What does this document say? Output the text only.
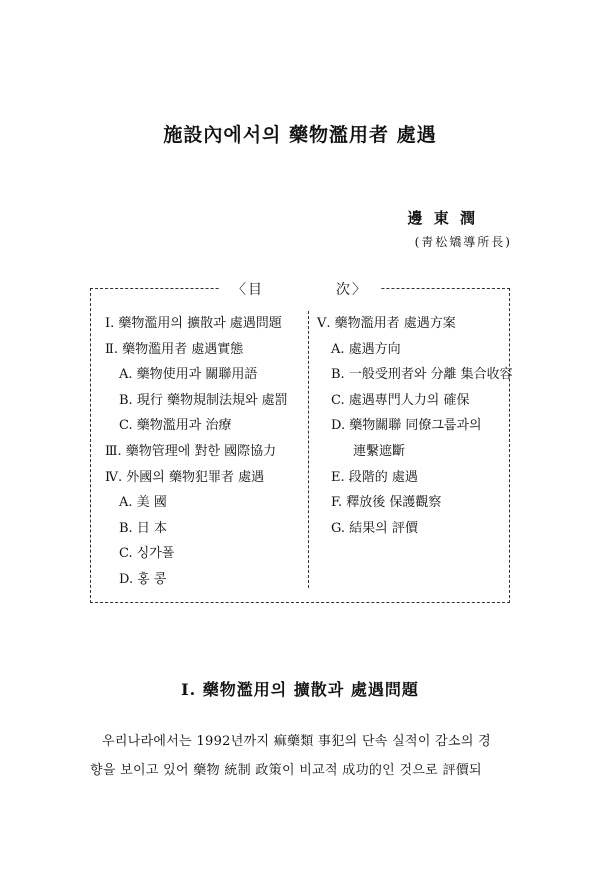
施設內에서의 藥物濫用者 處遇
邊 東 潤
(靑松矯導所長)
〈目	次〉
Ⅰ. 藥物濫用의 擴散과 處遇問題
Ⅱ. 藥物濫用者 處遇實態
A. 藥物使用과 關聯用語
B. 現行 藥物規制法規와 處罰
C. 藥物濫用과 治療
Ⅲ. 藥物管理에 對한 國際協力
Ⅳ. 外國의 藥物犯罪者 處遇
A. 美 國
B. 日 本
C. 싱가폴
D. 홍 콩
Ⅴ. 藥物濫用者 處遇方案
A. 處遇方向
B. 一般受刑者와 分離 集合收容
C. 處遇專門人力의 確保
D. 藥物關聯 同僚그룹과의
連繫遮斷
E. 段階的 處遇
F. 釋放後 保護觀察
G. 結果의 評價
Ⅰ. 藥物濫用의 擴散과 處遇問題

우리나라에서는 1992년까지 痲藥類 事犯의 단속 실적이 감소의 경

향을 보이고 있어 藥物 統制 政策이 비교적 成功的인 것으로 評價되
